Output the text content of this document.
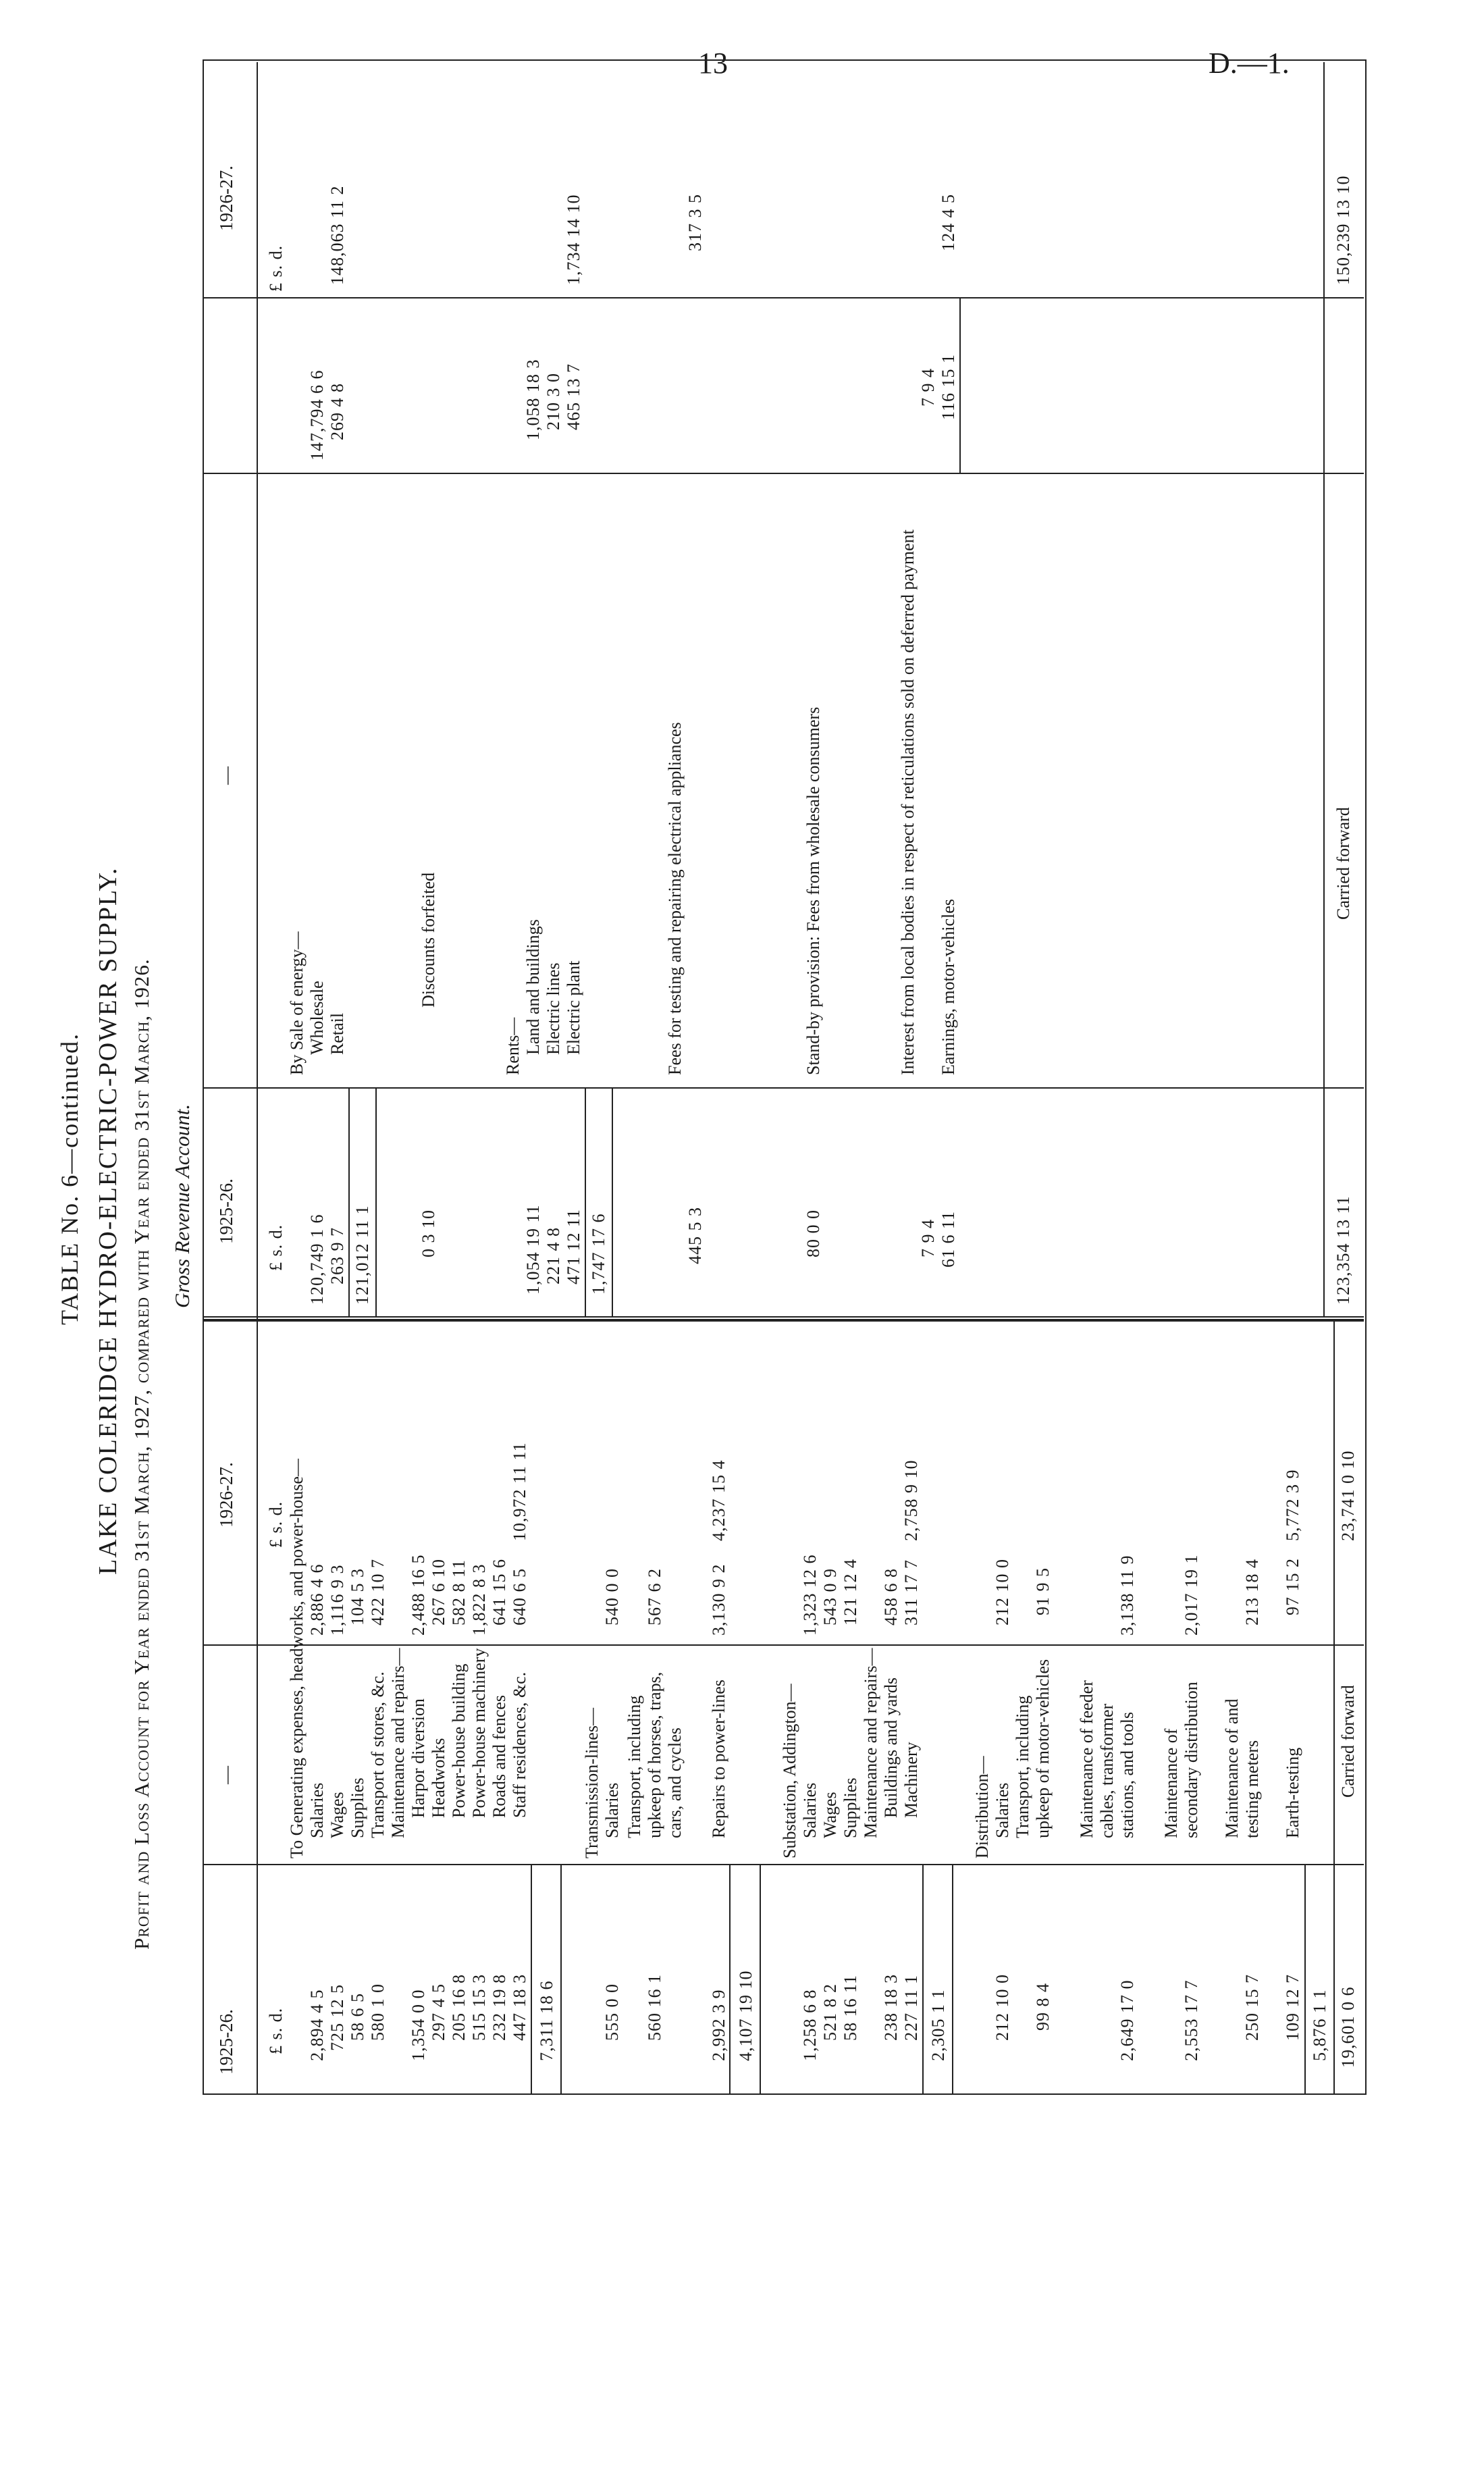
13	D.—1.
TABLE No. 6—continued. LAKE COLERIDGE HYDRO-ELECTRIC-POWER SUPPLY. Profit and Loss Account for Year ended 31st March, 1927, compared with Year ended 31st March, 1926. Gross Revenue Account.
1925-26.
—
1926-27.
1925-26.
—
1926-27.
£ s. d.
£ s. d.
£ s. d.
£ s. d.
To Generating expenses, headworks, and power-house— Salaries
2,894 4 5
2,886 4 6
Wages
725 12 5
1,116 9 3
Supplies
58 6 5
104 5 3
Transport of stores, &c.
580 1 0
422 10 7
Maintenance and repairs— Harpor diversion
1,354 0 0
2,488 16 5
Headworks
297 4 5
267 6 10
Power-house building
205 16 8
582 8 11
Power-house machinery
515 15 3
1,822 8 3
Roads and fences
232 19 8
641 15 6
Staff residences, &c.
447 18 3
640 6 5
7,311 18 6
10,972 11 11
Transmission-lines— Salaries
555 0 0
540 0 0
Transport, including upkeep of horses, traps, cars, and cycles
560 16 1
567 6 2
Repairs to power-lines
2,992 3 9
3,130 9 2
4,107 19 10
4,237 15 4
Substation, Addington— Salaries
1,258 6 8
1,323 12 6
Wages
521 8 2
543 0 9
Supplies
58 16 11
121 12 4
Maintenance and repairs— Buildings and yards
238 18 3
458 6 8
Machinery
227 11 1
311 17 7
2,305 1 1
2,758 9 10
Distribution— Salaries
212 10 0
212 10 0
Transport, including upkeep of motor-vehicles
99 8 4
91 9 5
Maintenance of feeder cables, transformer stations, and tools
2,649 17 0
3,138 11 9
Maintenance of secondary distribution
2,553 17 7
2,017 19 1
Maintenance of and testing meters
250 15 7
213 18 4
Earth-testing
109 12 7
97 15 2
5,876 1 1
5,772 3 9
Carried forward
19,601 0 6
23,741 0 10
By Sale of energy— Wholesale
120,749 1 6
147,794 6 6
Retail
263 9 7
269 4 8
121,012 11 1
148,063 11 2
Discounts forfeited
0 3 10
Rents— Land and buildings
1,054 19 11
1,058 18 3
Electric lines
221 4 8
210 3 0
Electric plant
471 12 11
465 13 7
1,747 17 6
1,734 14 10
Fees for testing and repairing electrical appliances
445 5 3
317 3 5
Stand-by provision: Fees from wholesale consumers
80 0 0
Interest from local bodies in respect of reticulations sold on deferred payment
7 9 4
7 9 4
Earnings, motor-vehicles
61 6 11
116 15 1
124 4 5
Carried forward
123,354 13 11
150,239 13 10
